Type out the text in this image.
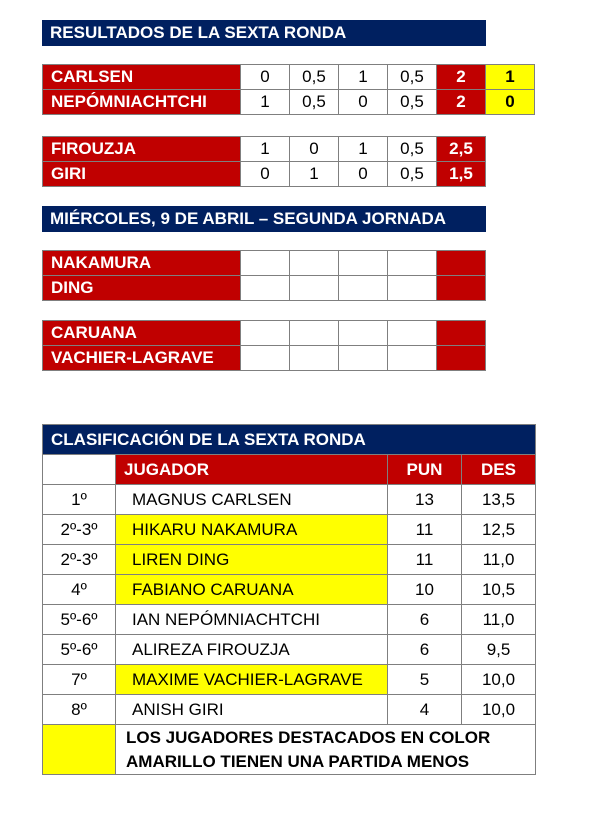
RESULTADOS DE LA SEXTA RONDA
CARLSEN	0	0,5	1	0,5	2	1
NEPÓMNIACHTCHI	1	0,5	0	0,5	2	0
FIROUZJA	1	0	1	0,5	2,5
GIRI	0	1	0	0,5	1,5
MIÉRCOLES, 9 DE ABRIL – SEGUNDA JORNADA
NAKAMURA					
DING					
CARUANA					
VACHIER-LAGRAVE					
CLASIFICACIÓN DE LA SEXTA RONDA			
	JUGADOR	PUN	DES
1º	MAGNUS CARLSEN	13	13,5
2º-3º	HIKARU NAKAMURA	11	12,5
2º-3º	LIREN DING	11	11,0
4º	FABIANO CARUANA	10	10,5
5º-6º	IAN NEPÓMNIACHTCHI	6	11,0
5º-6º	ALIREZA FIROUZJA	6	9,5
7º	MAXIME VACHIER-LAGRAVE	5	10,0
8º	ANISH GIRI	4	10,0

	LOS JUGADORES DESTACADOS EN COLOR
AMARILLO TIENEN UNA PARTIDA MENOS		
